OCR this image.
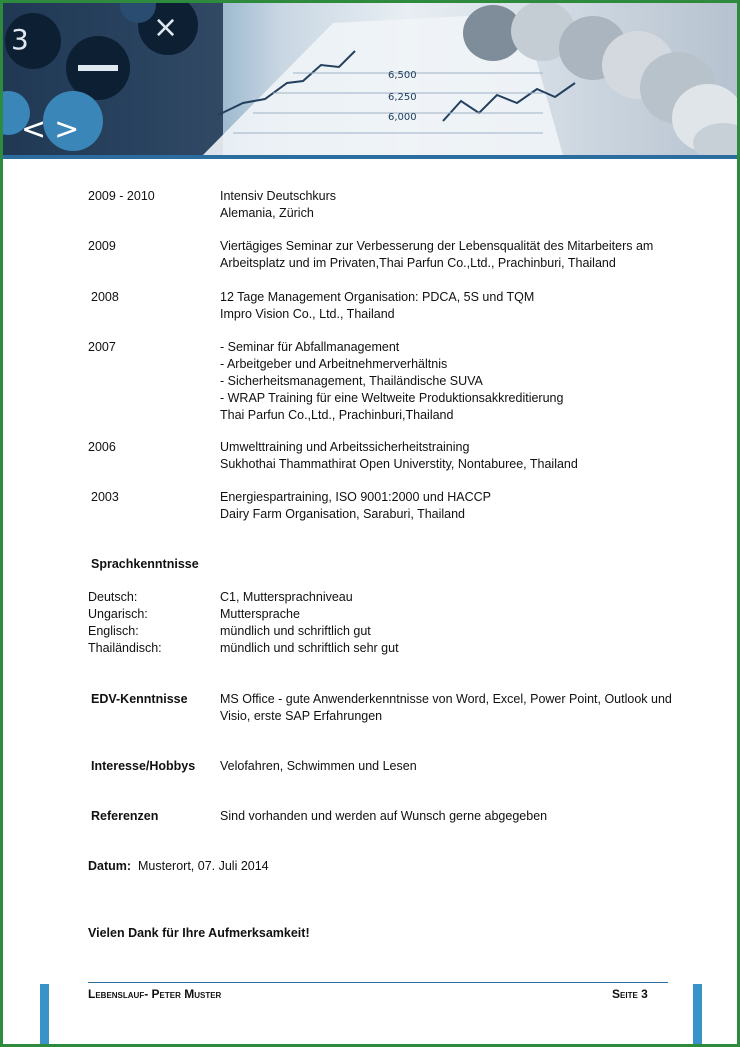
3	×
6,500
6,250
6,000
<>
2009 - 2010	Intensiv Deutschkurs
Alemania, Zürich
2009	Viertägiges Seminar zur Verbesserung der Lebensqualität des Mitarbeiters am
Arbeitsplatz und im Privaten,Thai Parfun Co.,Ltd., Prachinburi, Thailand
2008	12 Tage Management Organisation: PDCA, 5S und TQM
Impro Vision Co., Ltd., Thailand
2007	- Seminar für Abfallmanagement
- Arbeitgeber und Arbeitnehmerverhältnis
- Sicherheitsmanagement, Thailändische SUVA
- WRAP Training für eine Weltweite Produktionsakkreditierung
Thai Parfun Co.,Ltd., Prachinburi,Thailand
2006	Umwelttraining und Arbeitssicherheitstraining
Sukhothai Thammathirat Open Universtity, Nontaburee, Thailand
2003	Energiespartraining, ISO 9001:2000 und HACCP
Dairy Farm Organisation, Saraburi, Thailand
Sprachkenntnisse
Deutsch:	C1, Muttersprachniveau
Ungarisch:	Muttersprache
Englisch:	mündlich und schriftlich gut
Thailändisch:	mündlich und schriftlich sehr gut
EDV-Kenntnisse	MS Office - gute Anwenderkenntnisse von Word, Excel, Power Point, Outlook und
Visio, erste SAP Erfahrungen
Interesse/Hobbys	Velofahren, Schwimmen und Lesen
Referenzen	Sind vorhanden und werden auf Wunsch gerne abgegeben
Datum: Musterort, 07. Juli 2014
Vielen Dank für Ihre Aufmerksamkeit!
Lebenslauf- Peter Muster	Seite 3
